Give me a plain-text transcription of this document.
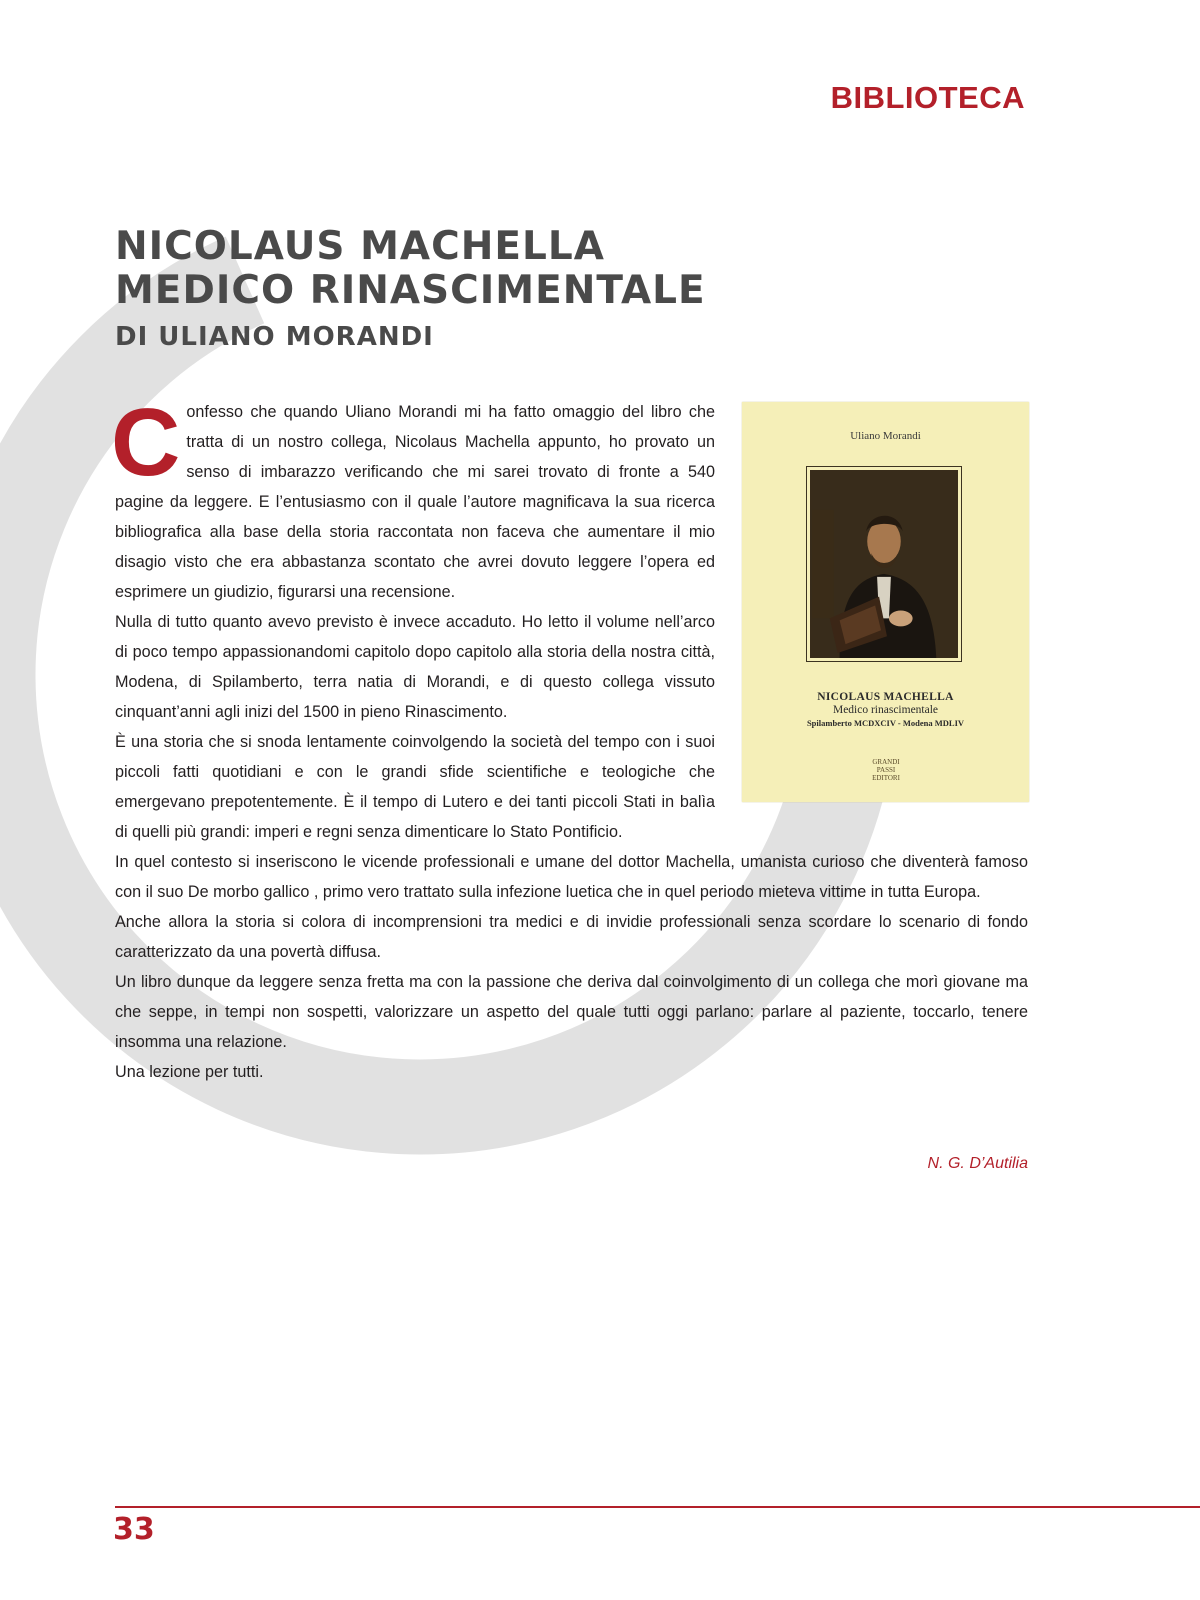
BIBLIOTECA
NICOLAUS MACHELLA
MEDICO RINASCIMENTALE
DI ULIANO MORANDI
Uliano Morandi
NICOLAUS MACHELLA
Medico rinascimentale
Spilamberto MCDXCIV - Modena MDLIV
GRANDI
PASSI
EDITORI

Confesso che quando Uliano Morandi mi ha fatto omaggio del libro che tratta di un nostro collega, Nicolaus Machella appunto, ho provato un senso di imbarazzo verificando che mi sarei trovato di fronte a 540 pagine da leggere. E l’entusiasmo con il quale l’autore magnificava la sua ricerca bibliografica alla base della storia raccontata non faceva che aumentare il mio disagio visto che era abbastanza scontato che avrei dovuto leggere l’opera ed esprimere un giudizio, figurarsi una recensione.

Nulla di tutto quanto avevo previsto è invece accaduto. Ho letto il volume nell’arco di poco tempo appassionandomi capitolo dopo capitolo alla storia della nostra città, Modena, di Spilamberto, terra natia di Morandi, e di questo collega vissuto cinquant’anni agli inizi del 1500 in pieno Rinascimento.

È una storia che si snoda lentamente coinvolgendo la società del tempo con i suoi piccoli fatti quotidiani e con le grandi sfide scientifiche e teologiche che emergevano prepotentemente. È il tempo di Lutero e dei tanti piccoli Stati in balìa di quelli più grandi: imperi e regni senza dimenticare lo Stato Pontificio.

In quel contesto si inseriscono le vicende professionali e umane del dottor Machella, umanista curioso che diventerà famoso con il suo De morbo gallico , primo vero trattato sulla infezione luetica che in quel periodo mieteva vittime in tutta Europa.

Anche allora la storia si colora di incomprensioni tra medici e di invidie professionali senza scordare lo scenario di fondo caratterizzato da una povertà diffusa.

Un libro dunque da leggere senza fretta ma con la passione che deriva dal coinvolgimento di un collega che morì giovane ma che seppe, in tempi non sospetti, valorizzare un aspetto del quale tutti oggi parlano: parlare al paziente, toccarlo, tenere insomma una relazione.

Una lezione per tutti.

N. G. D’Autilia
33
